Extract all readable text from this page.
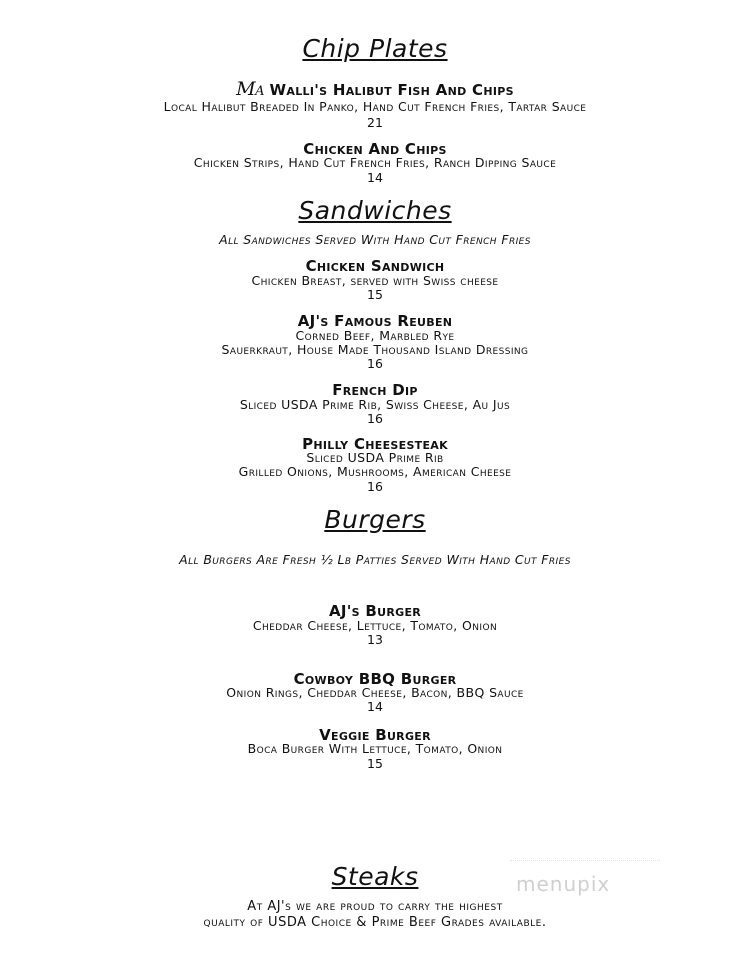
Chip Plates
Ma Walli's Halibut Fish And Chips
Local Halibut Breaded In Panko, Hand Cut French Fries, Tartar Sauce
21
Chicken And Chips
Chicken Strips, Hand Cut French Fries, Ranch Dipping Sauce
14
Sandwiches
All Sandwiches Served With Hand Cut French Fries
Chicken Sandwich
Chicken Breast, served with Swiss cheese
15
AJ's Famous Reuben
Corned Beef, Marbled Rye
Sauerkraut, House Made Thousand Island Dressing
16
French Dip
Sliced USDA Prime Rib, Swiss Cheese, Au Jus
16
Philly Cheesesteak
Sliced USDA Prime Rib
Grilled Onions, Mushrooms, American Cheese
16
Burgers
All Burgers Are Fresh ½ Lb Patties Served With Hand Cut Fries
AJ's Burger
Cheddar Cheese, Lettuce, Tomato, Onion
13
Cowboy BBQ Burger
Onion Rings, Cheddar Cheese, Bacon, BBQ Sauce
14
Veggie Burger
Boca Burger With Lettuce, Tomato, Onion
15
Steaks
At AJ's we are proud to carry the highest
quality of USDA Choice & Prime Beef Grades available.
menupix
